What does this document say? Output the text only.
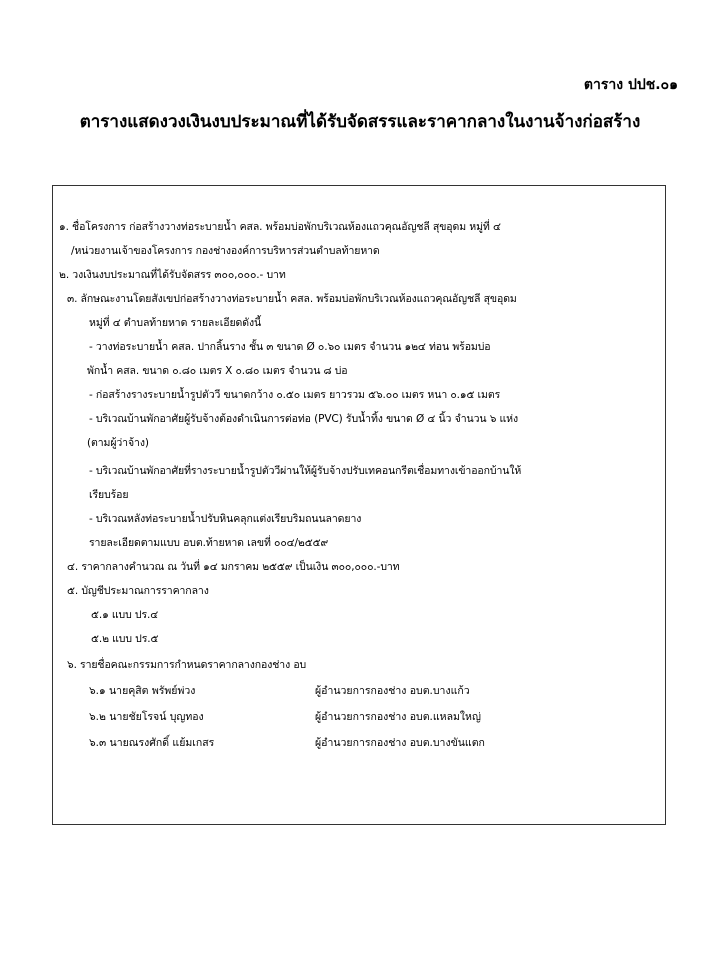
ตาราง ปปช.๐๑
ตารางแสดงวงเงินงบประมาณที่ได้รับจัดสรรและราคากลางในงานจ้างก่อสร้าง
๑. ชื่อโครงการ ก่อสร้างวางท่อระบายน้ำ คสล. พร้อมบ่อพักบริเวณห้องแถวคุณอัญชลี สุขอุดม หมู่ที่ ๔
/หน่วยงานเจ้าของโครงการ กองช่างองค์การบริหารส่วนตำบลท้ายหาด
๒. วงเงินงบประมาณที่ได้รับจัดสรร ๓๐๐,๐๐๐.- บาท
๓. ลักษณะงานโดยสังเขปก่อสร้างวางท่อระบายน้ำ คสล. พร้อมบ่อพักบริเวณห้องแถวคุณอัญชลี สุขอุดม
หมู่ที่ ๔ ตำบลท้ายหาด รายละเอียดดังนี้
- วางท่อระบายน้ำ คสล. ปากลิ้นราง ชั้น ๓ ขนาด Ø ๐.๖๐ เมตร จำนวน ๑๒๔ ท่อน พร้อมบ่อ
พักน้ำ คสล. ขนาด ๐.๘๐ เมตร X ๐.๘๐ เมตร จำนวน ๘ บ่อ
- ก่อสร้างรางระบายน้ำรูปตัววี ขนาดกว้าง ๐.๕๐ เมตร ยาวรวม ๕๖.๐๐ เมตร หนา ๐.๑๕ เมตร
- บริเวณบ้านพักอาศัยผู้รับจ้างต้องดำเนินการต่อท่อ (PVC) รับน้ำทิ้ง ขนาด Ø ๔ นิ้ว จำนวน ๖ แห่ง
(ตามผู้ว่าจ้าง)
- บริเวณบ้านพักอาศัยที่รางระบายน้ำรูปตัววีผ่านให้ผู้รับจ้างปรับเทคอนกรีตเชื่อมทางเข้าออกบ้านให้
เรียบร้อย
- บริเวณหลังท่อระบายน้ำปรับหินคลุกแต่งเรียบริมถนนลาดยาง
รายละเอียดตามแบบ อบต.ท้ายหาด เลขที่ ๐๐๔/๒๕๕๙
๔. ราคากลางคำนวณ ณ วันที่ ๑๔ มกราคม ๒๕๕๙ เป็นเงิน ๓๐๐,๐๐๐.-บาท
๕. บัญชีประมาณการราคากลาง
๕.๑ แบบ ปร.๔
๕.๒ แบบ ปร.๕
๖. รายชื่อคณะกรรมการกำหนดราคากลางกองช่าง อบ
๖.๑ นายคุสิต พรัพย์พ่วง	ผู้อำนวยการกองช่าง อบต.บางแก้ว
๖.๒ นายชัยโรจน์ บุญทอง	ผู้อำนวยการกองช่าง อบต.แหลมใหญ่
๖.๓ นายณรงศักดิ์ แย้มเกสร	ผู้อำนวยการกองช่าง อบต.บางขันแตก
